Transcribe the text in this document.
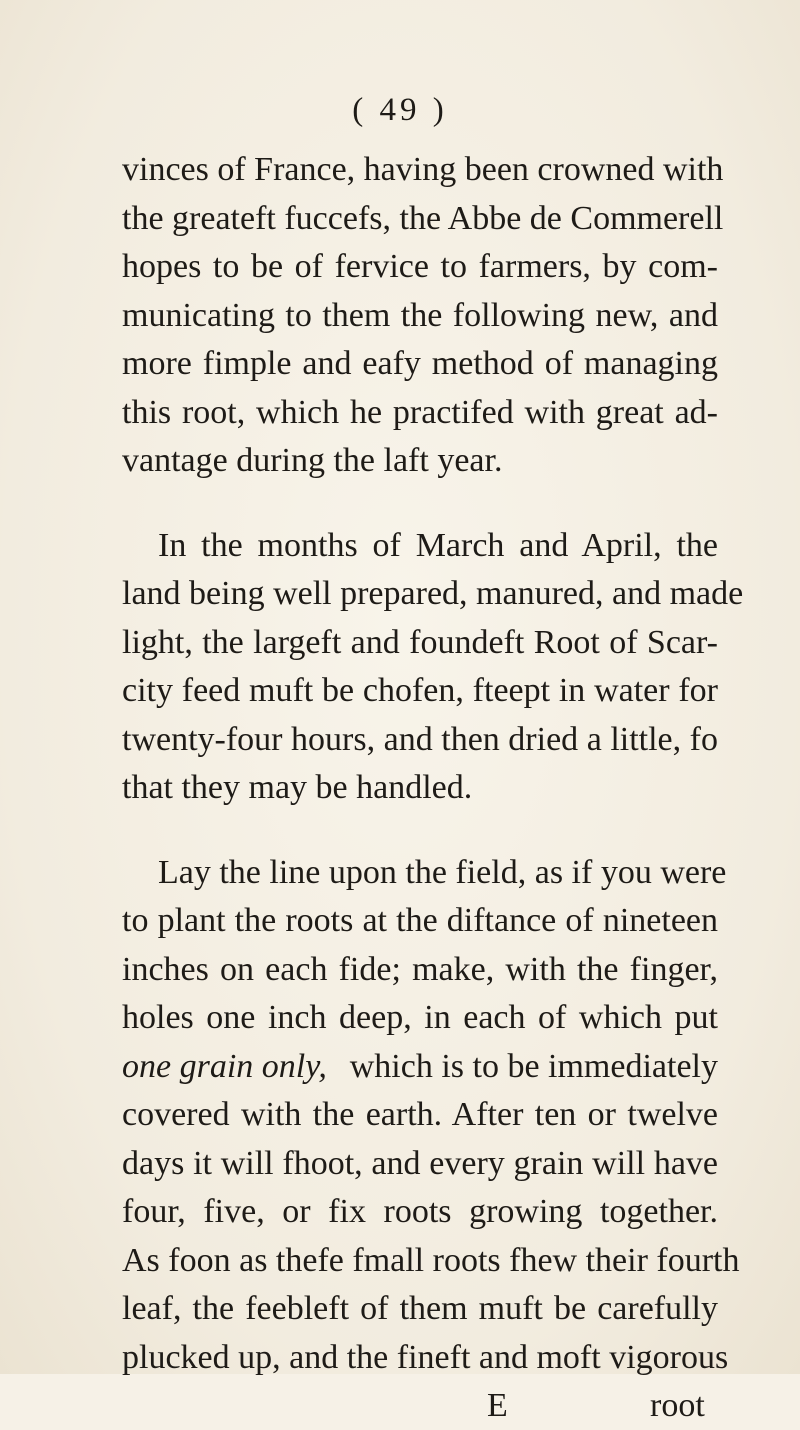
( 49 )
vinces of France, having been crowned with
the greateft fuccefs, the Abbe de Commerell
hopes to be of fervice to farmers, by com-
municating to them the following new, and
more fimple and eafy method of managing
this root, which he practifed with great ad-
vantage during the laft year.
In the months of March and April, the
land being well prepared, manured, and made
light, the largeft and foundeft Root of Scar-
city feed muft be chofen, fteept in water for
twenty-four hours, and then dried a little, fo
that they may be handled.
Lay the line upon the field, as if you were
to plant the roots at the diftance of nineteen
inches on each fide; make, with the finger,
holes one inch deep, in each of which put
one grain only, which is to be immediately
covered with the earth. After ten or twelve
days it will fhoot, and every grain will have
four, five, or fix roots growing together.
As foon as thefe fmall roots fhew their fourth
leaf, the feebleft of them muft be carefully
plucked up, and the fineft and moft vigorous
E	root
